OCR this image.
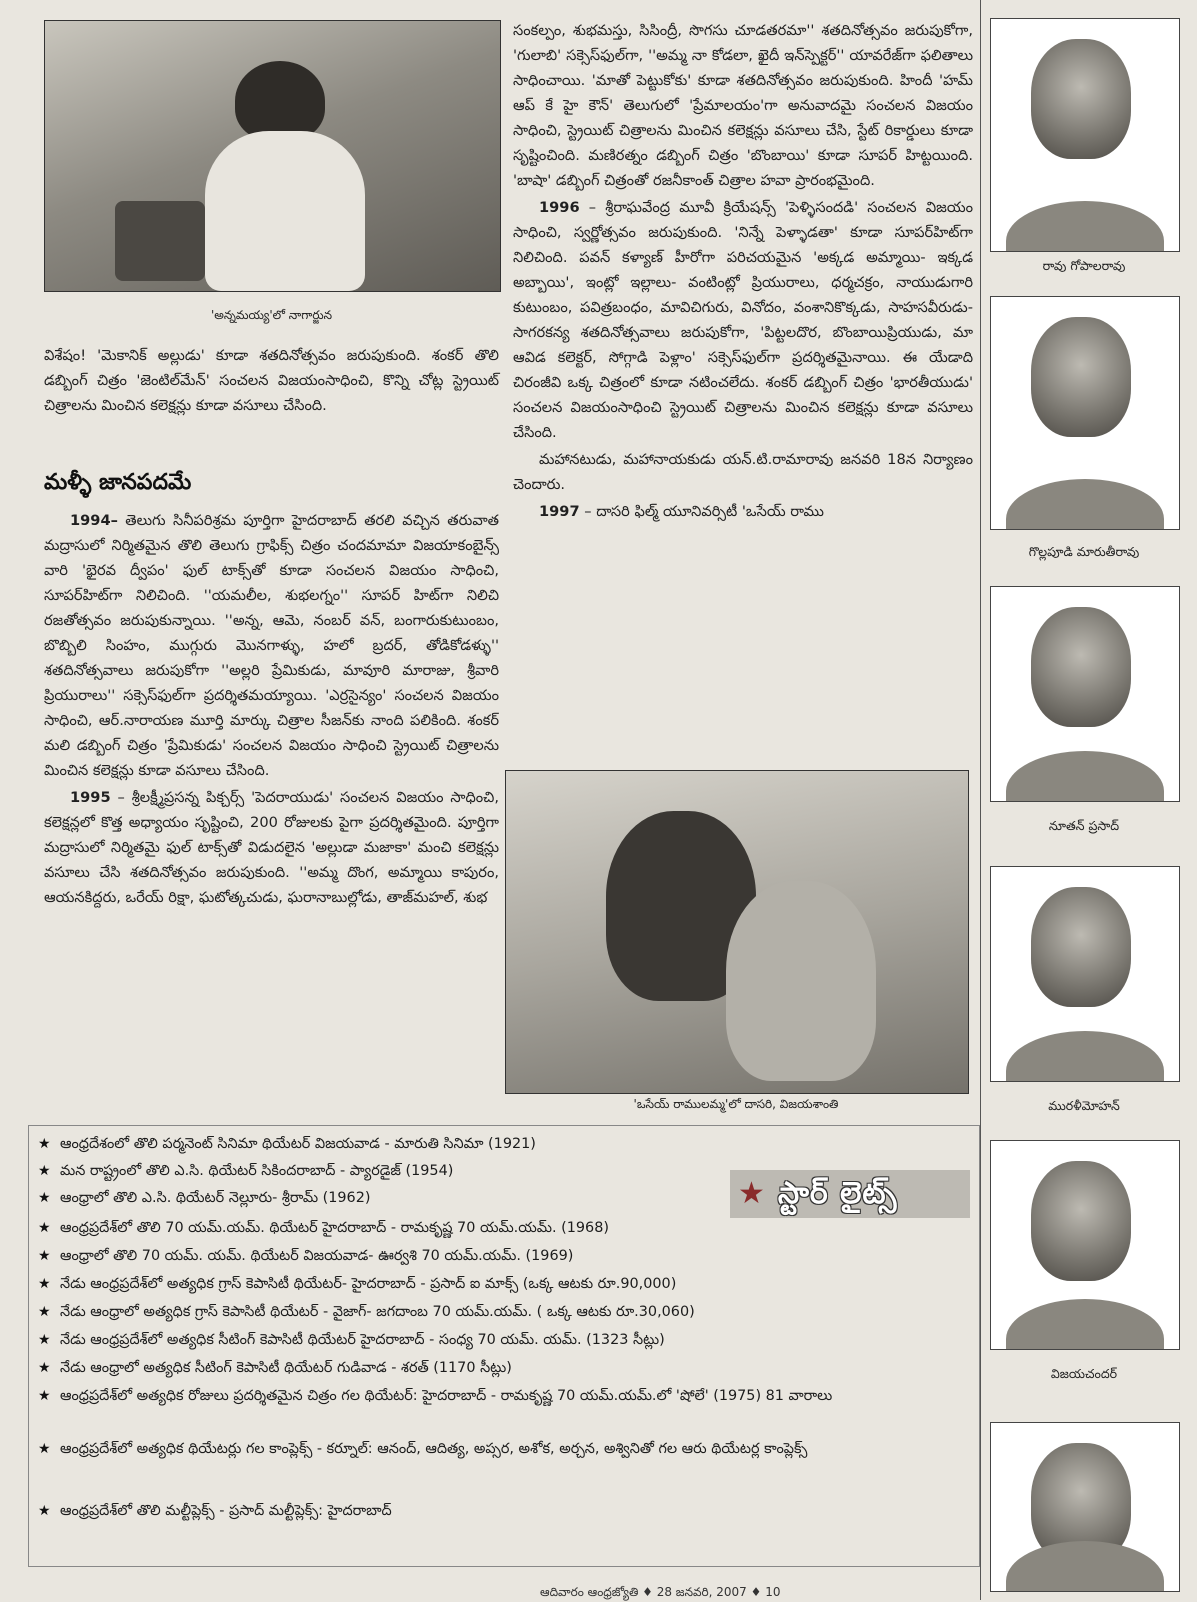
'అన్నమయ్య'లో నాగార్జున

విశేషం! 'మెకానిక్ అల్లుడు' కూడా శతదినోత్సవం జరుపుకుంది. శంకర్ తొలి డబ్బింగ్ చిత్రం 'జెంటిల్‌మేన్' సంచలన విజయంసాధించి, కొన్ని చోట్ల స్ట్రెయిట్ చిత్రాలను మించిన కలెక్షన్లు కూడా వసూలు చేసింది.

మళ్ళీ జానపదమే

1994– తెలుగు సినీపరిశ్రమ పూర్తిగా హైదరాబాద్ తరలి వచ్చిన తరువాత మద్రాసులో నిర్మితమైన తొలి తెలుగు గ్రాఫిక్స్ చిత్రం చందమామా విజయాకంబైన్స్ వారి 'భైరవ ద్వీపం' ఫుల్ టాక్స్‌తో కూడా సంచలన విజయం సాధించి, సూపర్‌హిట్‌గా నిలిచింది. ''యమలీల, శుభలగ్నం'' సూపర్ హిట్‌గా నిలిచి రజతోత్సవం జరుపుకున్నాయి. ''అన్న, ఆమె, నంబర్ వన్, బంగారుకుటుంబం, బొబ్బిలి సింహం, ముగ్గురు మొనగాళ్ళు, హలో బ్రదర్, తోడికోడళ్ళు'' శతదినోత్సవాలు జరుపుకోగా ''అల్లరి ప్రేమికుడు, మావూరి మారాజు, శ్రీవారి ప్రియురాలు'' సక్సెస్‌ఫుల్‌గా ప్రదర్శితమయ్యాయి. 'ఎర్రసైన్యం' సంచలన విజయం సాధించి, ఆర్.నారాయణ మూర్తి మార్కు చిత్రాల సీజన్‌కు నాంది పలికింది. శంకర్ మలి డబ్బింగ్ చిత్రం 'ప్రేమికుడు' సంచలన విజయం సాధించి స్ట్రెయిట్ చిత్రాలను మించిన కలెక్షన్లు కూడా వసూలు చేసింది.

1995 – శ్రీలక్ష్మీప్రసన్న పిక్చర్స్ 'పెదరాయుడు' సంచలన విజయం సాధించి, కలెక్షన్లలో కొత్త అధ్యాయం సృష్టించి, 200 రోజులకు పైగా ప్రదర్శితమైంది. పూర్తిగా మద్రాసులో నిర్మితమై ఫుల్ టాక్స్‌తో విడుదలైన 'అల్లుడా మజాకా' మంచి కలెక్షన్లు వసూలు చేసి శతదినోత్సవం జరుపుకుంది. ''అమ్మ దొంగ, అమ్మాయి కాపురం, ఆయనకిద్దరు, ఒరేయ్ రిక్షా, ఘటోత్కచుడు, ఘరానాబుల్లోడు, తాజ్‌మహల్, శుభ

సంకల్పం, శుభమస్తు, సిసింద్రీ, సొగసు చూడతరమా'' శతదినోత్సవం జరుపుకోగా, 'గులాబి' సక్సెస్‌ఫుల్‌గా, ''అమ్మ నా కోడలా, ఖైదీ ఇన్‌స్పెక్టర్'' యావరేజ్‌గా ఫలితాలు సాధించాయి. 'మాతో పెట్టుకోకు' కూడా శతదినోత్సవం జరుపుకుంది. హిందీ 'హమ్ ఆప్ కే హై కౌన్' తెలుగులో 'ప్రేమాలయం'గా అనువాదమై సంచలన విజయం సాధించి, స్ట్రెయిట్ చిత్రాలను మించిన కలెక్షన్లు వసూలు చేసి, స్టేట్ రికార్డులు కూడా సృష్టించింది. మణిరత్నం డబ్బింగ్ చిత్రం 'బొంబాయి' కూడా సూపర్ హిట్టయింది. 'బాషా' డబ్బింగ్ చిత్రంతో రజనీకాంత్ చిత్రాల హవా ప్రారంభమైంది.

1996 – శ్రీరాఘవేంద్ర మూవీ క్రియేషన్స్ 'పెళ్ళిసందడి' సంచలన విజయం సాధించి, స్వర్ణోత్సవం జరుపుకుంది. 'నిన్నే పెళ్ళాడతా' కూడా సూపర్‌హిట్‌గా నిలిచింది. పవన్ కళ్యాణ్ హీరోగా పరిచయమైన 'అక్కడ అమ్మాయి- ఇక్కడ అబ్బాయి', ఇంట్లో ఇల్లాలు- వంటింట్లో ప్రియురాలు, ధర్మచక్రం, నాయుడుగారి కుటుంబం, పవిత్రబంధం, మావిచిగురు, వినోదం, వంశానికొక్కడు, సాహసవీరుడు-సాగరకన్య శతదినోత్సవాలు జరుపుకోగా, 'పిట్టలదొర, బొంబాయిప్రియుడు, మా ఆవిడ కలెక్టర్, సోగ్గాడి పెళ్లాం' సక్సెస్‌ఫుల్‌గా ప్రదర్శితమైనాయి. ఈ యేడాది చిరంజీవి ఒక్క చిత్రంలో కూడా నటించలేదు. శంకర్ డబ్బింగ్ చిత్రం 'భారతీయుడు' సంచలన విజయంసాధించి స్ట్రెయిట్ చిత్రాలను మించిన కలెక్షన్లు కూడా వసూలు చేసింది.

మహానటుడు, మహానాయకుడు యన్.టి.రామారావు జనవరి 18న నిర్యాణం చెందారు.

1997 – దాసరి ఫిల్మ్ యూనివర్సిటీ 'ఒసేయ్ రాము

'ఒసేయ్ రాములమ్మ'లో దాసరి, విజయశాంతి
రావు గోపాలరావు
గొల్లపూడి మారుతీరావు
నూతన్ ప్రసాద్
మురళీమోహన్
విజయచందర్
★ స్టార్ లైట్స్
★ ఆంధ్రదేశంలో తొలి పర్మనెంట్ సినిమా థియేటర్ విజయవాడ - మారుతి సినిమా (1921)
★ మన రాష్ట్రంలో తొలి ఎ.సి. థియేటర్ సికిందరాబాద్ - ప్యారడైజ్ (1954)
★ ఆంధ్రాలో తొలి ఎ.సి. థియేటర్ నెల్లూరు- శ్రీరామ్ (1962)
★ ఆంధ్రప్రదేశ్‌లో తొలి 70 యమ్.యమ్. థియేటర్ హైదరాబాద్ - రామకృష్ణ 70 యమ్.యమ్. (1968)
★ ఆంధ్రాలో తొలి 70 యమ్. యమ్. థియేటర్ విజయవాడ- ఊర్వశి 70 యమ్.యమ్. (1969)
★ నేడు ఆంధ్రప్రదేశ్‌లో అత్యధిక గ్రాస్ కెపాసిటీ థియేటర్- హైదరాబాద్ - ప్రసాద్ ఐ మాక్స్ (ఒక్క ఆటకు రూ.90,000)
★ నేడు ఆంధ్రాలో అత్యధిక గ్రాస్ కెపాసిటీ థియేటర్ - వైజాగ్- జగదాంబ 70 యమ్.యమ్. ( ఒక్క ఆటకు రూ.30,060)
★ నేడు ఆంధ్రప్రదేశ్‌లో అత్యధిక సీటింగ్ కెపాసిటీ థియేటర్ హైదరాబాద్ - సంధ్య 70 యమ్. యమ్. (1323 సీట్లు)
★ నేడు ఆంధ్రాలో అత్యధిక సీటింగ్ కెపాసిటీ థియేటర్ గుడివాడ - శరత్ (1170 సీట్లు)
★ ఆంధ్రప్రదేశ్‌లో అత్యధిక రోజులు ప్రదర్శితమైన చిత్రం గల థియేటర్: హైదరాబాద్ - రామకృష్ణ 70 యమ్.యమ్.లో 'షోలే' (1975) 81 వారాలు
★ ఆంధ్రప్రదేశ్‌లో అత్యధిక థియేటర్లు గల కాంప్లెక్స్ - కర్నూల్: ఆనంద్, ఆదిత్య, అప్సర, అశోక, అర్చన, అశ్వినితో గల ఆరు థియేటర్ల కాంప్లెక్స్
★ ఆంధ్రప్రదేశ్‌లో తొలి మల్టీప్లెక్స్ - ప్రసాద్ మల్టీప్లెక్స్: హైదరాబాద్
ఆదివారం ఆంధ్రజ్యోతి ♦ 28 జనవరి, 2007 ♦ 10
